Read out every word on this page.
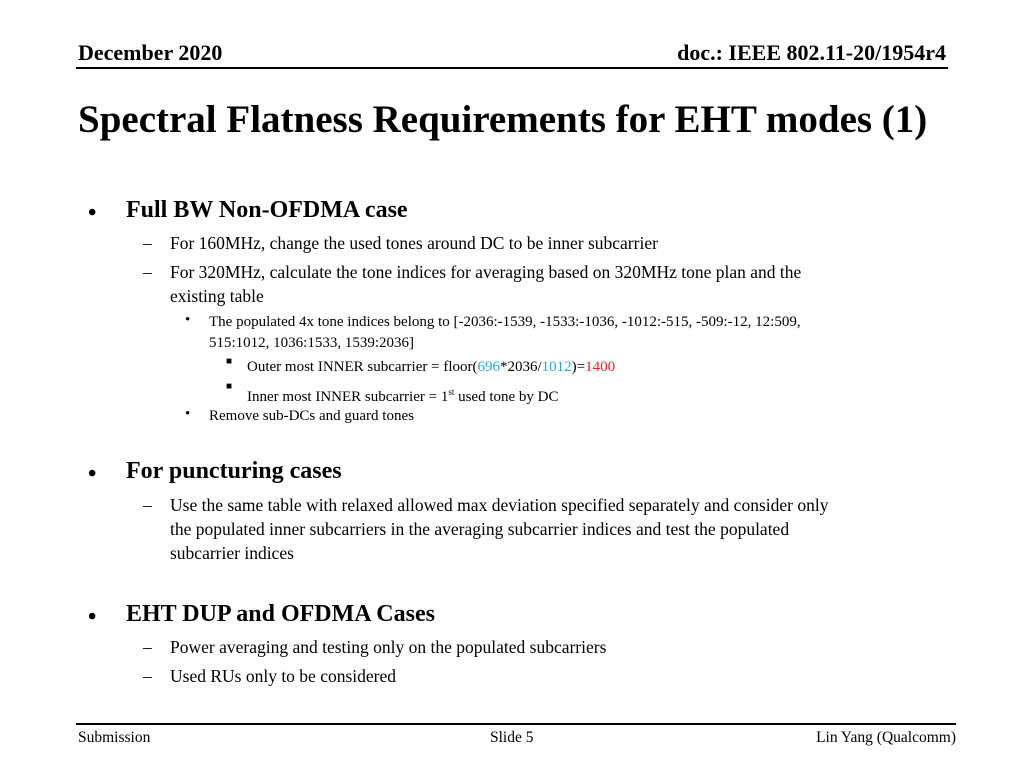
December 2020	doc.: IEEE 802.11-20/1954r4
Spectral Flatness Requirements for EHT modes (1)
• Full BW Non-OFDMA case
– For 160MHz, change the used tones around DC to be inner subcarrier
– For 320MHz, calculate the tone indices for averaging based on 320MHz tone plan and the
existing table
• The populated 4x tone indices belong to [-2036:-1539, -1533:-1036, -1012:-515, -509:-12, 12:509,
515:1012, 1036:1533, 1539:2036]
■ Outer most INNER subcarrier = floor(696*2036/1012)=1400
■
Inner most INNER subcarrier = 1st used tone by DC
• Remove sub-DCs and guard tones
• For puncturing cases
– Use the same table with relaxed allowed max deviation specified separately and consider only
the populated inner subcarriers in the averaging subcarrier indices and test the populated
subcarrier indices
• EHT DUP and OFDMA Cases
– Power averaging and testing only on the populated subcarriers
– Used RUs only to be considered
Submission	Slide 5	Lin Yang (Qualcomm)
